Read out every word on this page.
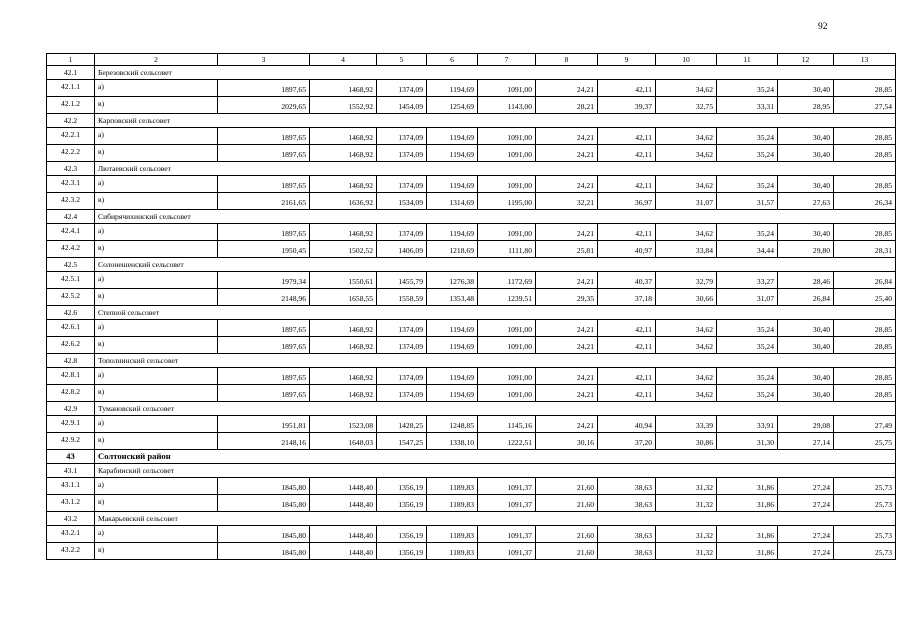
92
1	2	3	4	5	6	7	8	9	10	11	12	13
42.1	Березовский сельсовет											
42.1.1	а)	1897,65	1468,92	1374,09	1194,69	1091,00	24,21	42,11	34,62	35,24	30,40	28,85
42.1.2	в)	2029,65	1552,92	1454,09	1254,69	1143,00	28,21	39,37	32,75	33,31	28,95	27,54
42.2	Карповский сельсовет											
42.2.1	а)	1897,65	1468,92	1374,09	1194,69	1091,00	24,21	42,11	34,62	35,24	30,40	28,85
42.2.2	в)	1897,65	1468,92	1374,09	1194,69	1091,00	24,21	42,11	34,62	35,24	30,40	28,85
42.3	Лютаевский сельсовет											
42.3.1	а)	1897,65	1468,92	1374,09	1194,69	1091,00	24,21	42,11	34,62	35,24	30,40	28,85
42.3.2	в)	2161,65	1636,92	1534,09	1314,69	1195,00	32,21	36,97	31,07	31,57	27,63	26,34
42.4	Сибирячихинский сельсовет											
42.4.1	а)	1897,65	1468,92	1374,09	1194,69	1091,00	24,21	42,11	34,62	35,24	30,40	28,85
42.4.2	в)	1950,45	1502,52	1406,09	1218,69	1111,80	25,81	40,97	33,84	34,44	29,80	28,31
42.5	Солонешенский сельсовет											
42.5.1	а)	1979,34	1550,61	1455,79	1276,38	1172,69	24,21	40,37	32,79	33,27	28,46	26,84
42.5.2	в)	2148,96	1658,55	1558,59	1353,48	1239,51	29,35	37,18	30,66	31,07	26,84	25,40
42.6	Степной сельсовет											
42.6.1	а)	1897,65	1468,92	1374,09	1194,69	1091,00	24,21	42,11	34,62	35,24	30,40	28,85
42.6.2	в)	1897,65	1468,92	1374,09	1194,69	1091,00	24,21	42,11	34,62	35,24	30,40	28,85
42.8	Тополнинский сельсовет											
42.8.1	а)	1897,65	1468,92	1374,09	1194,69	1091,00	24,21	42,11	34,62	35,24	30,40	28,85
42.8.2	в)	1897,65	1468,92	1374,09	1194,69	1091,00	24,21	42,11	34,62	35,24	30,40	28,85
42.9	Тумановский сельсовет											
42.9.1	а)	1951,81	1523,08	1428,25	1248,85	1145,16	24,21	40,94	33,39	33,91	29,08	27,49
42.9.2	в)	2148,16	1648,03	1547,25	1338,10	1222,51	30,16	37,20	30,86	31,30	27,14	25,75
43	Солтонский район											
43.1	Карабинский сельсовет											
43.1.1	а)	1845,80	1448,40	1356,19	1189,83	1091,37	21,60	38,63	31,32	31,86	27,24	25,73
43.1.2	в)	1845,80	1448,40	1356,19	1189,83	1091,37	21,60	38,63	31,32	31,86	27,24	25,73
43.2	Макарьевский сельсовет											
43.2.1	а)	1845,80	1448,40	1356,19	1189,83	1091,37	21,60	38,63	31,32	31,86	27,24	25,73
43.2.2	в)	1845,80	1448,40	1356,19	1189,83	1091,37	21,60	38,63	31,32	31,86	27,24	25,73
